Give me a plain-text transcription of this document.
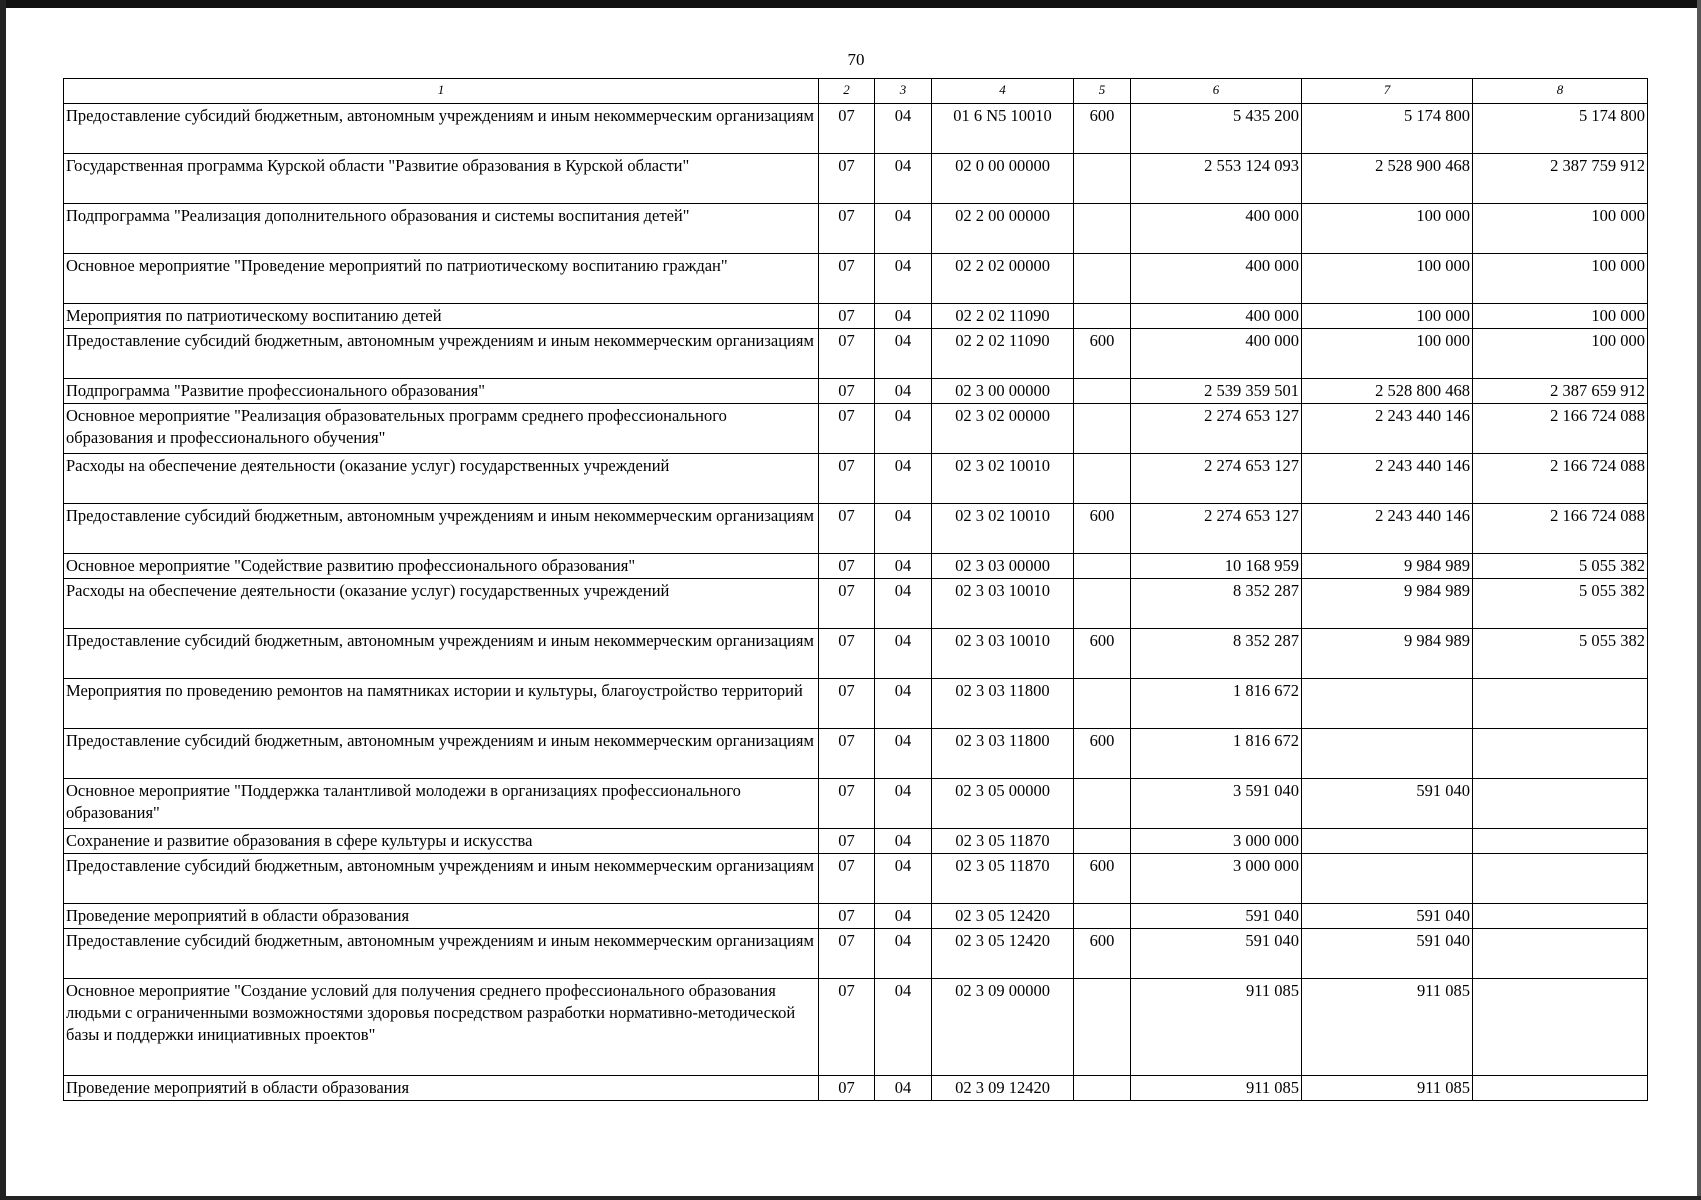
70
1	2	3	4	5	6	7	8
Предоставление субсидий бюджетным, автономным учреждениям и иным некоммерческим организациям	07	04	01 6 N5 10010	600	5 435 200	5 174 800	5 174 800
Государственная программа Курской области "Развитие образования в Курской области"	07	04	02 0 00 00000		2 553 124 093	2 528 900 468	2 387 759 912
Подпрограмма "Реализация дополнительного образования и системы воспитания детей"	07	04	02 2 00 00000		400 000	100 000	100 000
Основное мероприятие "Проведение мероприятий по патриотическому воспитанию граждан"	07	04	02 2 02 00000		400 000	100 000	100 000
Мероприятия по патриотическому воспитанию детей	07	04	02 2 02 11090		400 000	100 000	100 000
Предоставление субсидий бюджетным, автономным учреждениям и иным некоммерческим организациям	07	04	02 2 02 11090	600	400 000	100 000	100 000
Подпрограмма "Развитие профессионального образования"	07	04	02 3 00 00000		2 539 359 501	2 528 800 468	2 387 659 912
Основное мероприятие "Реализация образовательных программ среднего профессионального образования и профессионального обучения"	07	04	02 3 02 00000		2 274 653 127	2 243 440 146	2 166 724 088
Расходы на обеспечение деятельности (оказание услуг) государственных учреждений	07	04	02 3 02 10010		2 274 653 127	2 243 440 146	2 166 724 088
Предоставление субсидий бюджетным, автономным учреждениям и иным некоммерческим организациям	07	04	02 3 02 10010	600	2 274 653 127	2 243 440 146	2 166 724 088
Основное мероприятие "Содействие развитию профессионального образования"	07	04	02 3 03 00000		10 168 959	9 984 989	5 055 382
Расходы на обеспечение деятельности (оказание услуг) государственных учреждений	07	04	02 3 03 10010		8 352 287	9 984 989	5 055 382
Предоставление субсидий бюджетным, автономным учреждениям и иным некоммерческим организациям	07	04	02 3 03 10010	600	8 352 287	9 984 989	5 055 382
Мероприятия по проведению ремонтов на памятниках истории и культуры, благоустройство территорий	07	04	02 3 03 11800		1 816 672		
Предоставление субсидий бюджетным, автономным учреждениям и иным некоммерческим организациям	07	04	02 3 03 11800	600	1 816 672		
Основное мероприятие "Поддержка талантливой молодежи в организациях профессионального образования"	07	04	02 3 05 00000		3 591 040	591 040	
Сохранение и развитие образования в сфере культуры и искусства	07	04	02 3 05 11870		3 000 000		
Предоставление субсидий бюджетным, автономным учреждениям и иным некоммерческим организациям	07	04	02 3 05 11870	600	3 000 000		
Проведение мероприятий в области образования	07	04	02 3 05 12420		591 040	591 040	
Предоставление субсидий бюджетным, автономным учреждениям и иным некоммерческим организациям	07	04	02 3 05 12420	600	591 040	591 040	
Основное мероприятие "Создание условий для получения среднего профессионального образования людьми с ограниченными возможностями здоровья посредством разработки нормативно-методической базы и поддержки инициативных проектов"	07	04	02 3 09 00000		911 085	911 085	
Проведение мероприятий в области образования	07	04	02 3 09 12420		911 085	911 085	
